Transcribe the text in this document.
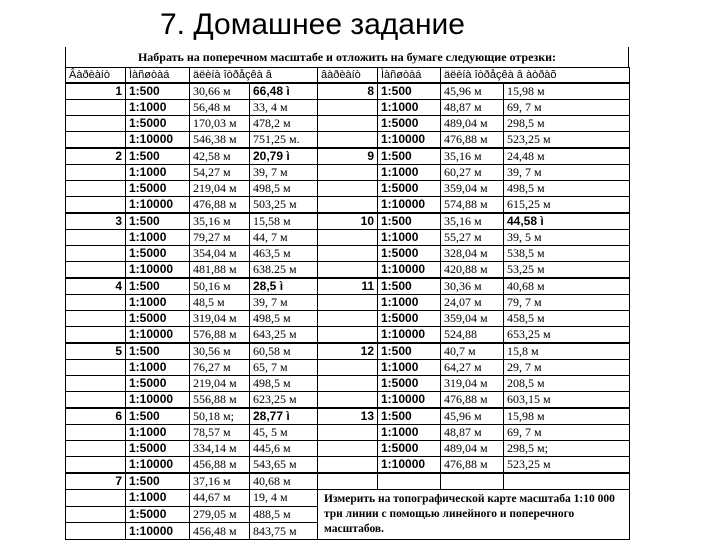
7. Домашнее задание
Набрать на поперечном масштабе и отложить на бумаге следующие отрезки:
Âàðèàíò	Ìàñøòàá	äëèíà îòðåçêà â		âàðèàíò	Ìàñøòàá	äëèíà îòðåçêà â àòðàõ	
1	1:500	30,66 м	66,48 ì	8	1:500	45,96 м	15,98 м
	1:1000	56,48 м	33, 4 м		1:1000	48,87 м	69, 7 м
	1:5000	170,03 м	478,2 м		1:5000	489,04 м	298,5 м
	1:10000	546,38 м	751,25 м.		1:10000	476,88 м	523,25 м
2	1:500	42,58 м	20,79 ì	9	1:500	35,16 м	24,48 м
	1:1000	54,27 м	39, 7 м		1:1000	60,27 м	39, 7 м
	1:5000	219,04 м	498,5 м		1:5000	359,04 м	498,5 м
	1:10000	476,88 м	503,25 м		1:10000	574,88 м	615,25 м
3	1:500	35,16 м	15,58 м	10	1:500	35,16 м	44,58 ì
	1:1000	79,27 м	44, 7 м		1:1000	55,27 м	39, 5 м
	1:5000	354,04 м	463,5 м		1:5000	328,04 м	538,5 м
	1:10000	481,88 м	638.25 м		1:10000	420,88 м	53,25 м
4	1:500	50,16 м	28,5 ì	11	1:500	30,36 м	40,68 м
	1:1000	48,5 м	39, 7 м		1:1000	24,07 м	79, 7 м
	1:5000	319,04 м	498,5 м		1:5000	359,04 м	458,5 м
	1:10000	576,88 м	643,25 м		1:10000	524,88	653,25 м
5	1:500	30,56 м	60,58 м	12	1:500	40,7 м	15,8 м
	1:1000	76,27 м	65, 7 м		1:1000	64,27 м	29, 7 м
	1:5000	219,04 м	498,5 м		1:5000	319,04 м	208,5 м
	1:10000	556,88 м	623,25 м		1:10000	476,88 м	603,15 м
6	1:500	50,18 м;	28,77 ì	13	1:500	45,96 м	15,98 м
	1:1000	78,57 м	45, 5 м		1:1000	48,87 м	69, 7 м
	1:5000	334,14 м	445,6 м		1:5000	489,04 м	298,5 м;
	1:10000	456,88 м	543,65 м		1:10000	476,88 м	523,25 м
7	1:500	37,16 м	40,68 м				
	1:1000	44,67 м	19, 4 м	Измерить на топографической карте масштаба 1:10 000 три линии с помощью линейного и поперечного масштабов.			
	1:5000	279,05 м	488,5 м				
	1:10000	456,48 м	843,75 м				
